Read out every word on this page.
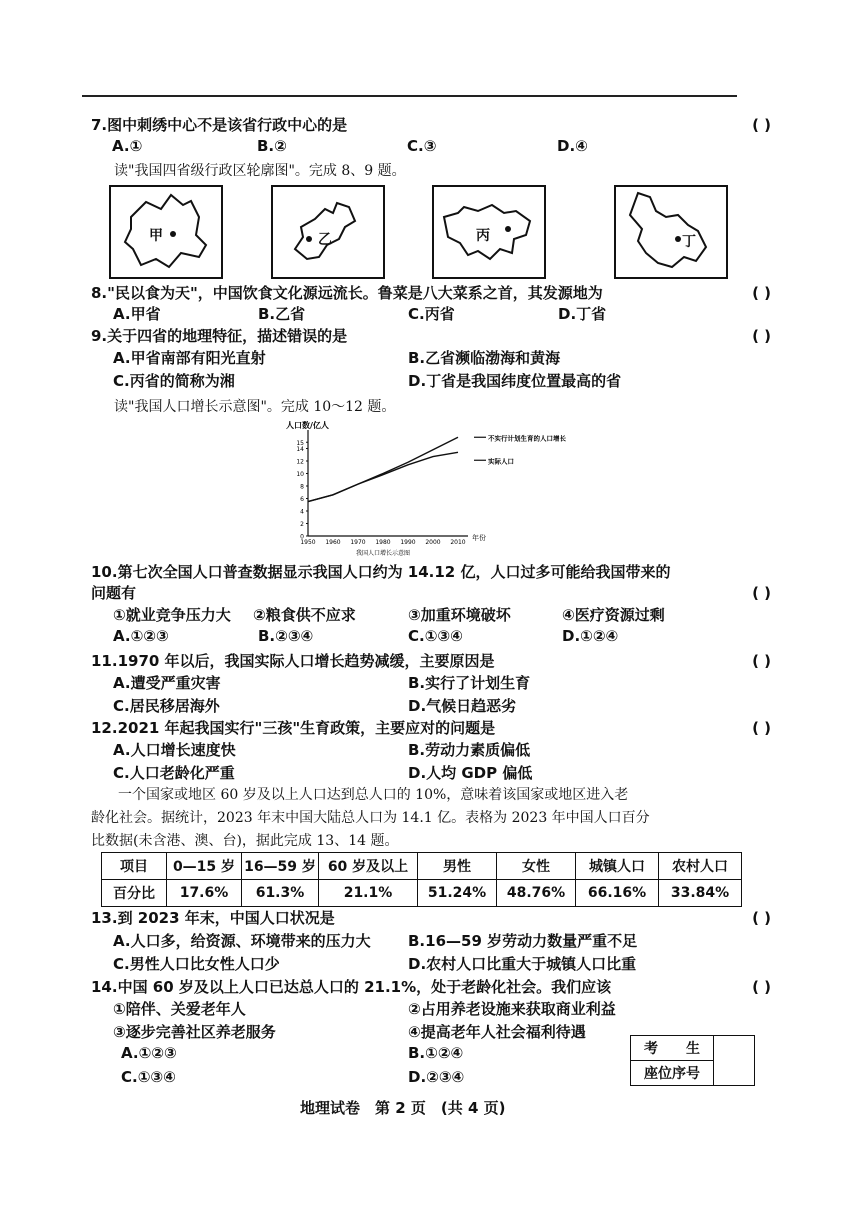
7.图中刺绣中心不是该省行政中心的是	( )
A.①	B.②	C.③	D.④
读"我国四省级行政区轮廓图"。完成 8、9 题。
甲	乙	丙	丁
8."民以食为天"，中国饮食文化源远流长。鲁菜是八大菜系之首，其发源地为	( )
A.甲省	B.乙省	C.丙省	D.丁省
9.关于四省的地理特征，描述错误的是	( )
A.甲省南部有阳光直射	B.乙省濒临渤海和黄海
C.丙省的简称为湘	D.丁省是我国纬度位置最高的省
读"我国人口增长示意图"。完成 10～12 题。
人口数/亿人
年份
0
2
4
6
8
10
12
14
15
1950 1960 1970 1980 1990 2000 2010
我国人口增长示意图
不实行计划生育的人口增长
实际人口
10.第七次全国人口普查数据显示我国人口约为 14.12 亿，人口过多可能给我国带来的
问题有	( )
①就业竞争压力大 ②粮食供不应求	③加重环境破坏	④医疗资源过剩
A.①②③	B.②③④	C.①③④	D.①②④
11.1970 年以后，我国实际人口增长趋势减缓，主要原因是	( )
A.遭受严重灾害	B.实行了计划生育
C.居民移居海外	D.气候日趋恶劣
12.2021 年起我国实行"三孩"生育政策，主要应对的问题是	( )
A.人口增长速度快	B.劳动力素质偏低
C.人口老龄化严重	D.人均 GDP 偏低
一个国家或地区 60 岁及以上人口达到总人口的 10%，意味着该国家或地区进入老
龄化社会。据统计，2023 年末中国大陆总人口为 14.1 亿。表格为 2023 年中国人口百分
比数据(未含港、澳、台)，据此完成 13、14 题。
项目	0—15 岁	16—59 岁	60 岁及以上	男性	女性	城镇人口	农村人口
百分比	17.6%	61.3%	21.1%	51.24%	48.76%	66.16%	33.84%
13.到 2023 年末，中国人口状况是	( )
A.人口多，给资源、环境带来的压力大 B.16—59 岁劳动力数量严重不足
C.男性人口比女性人口少	D.农村人口比重大于城镇人口比重
14.中国 60 岁及以上人口已达总人口的 21.1%，处于老龄化社会。我们应该	( )
①陪伴、关爱老年人	②占用养老设施来获取商业利益
③逐步完善社区养老服务	④提高老年人社会福利待遇
A.①②③	B.①②④
C.①③④	D.②③④
考　　生	
座位序号
地理试卷　第 2 页　(共 4 页)
